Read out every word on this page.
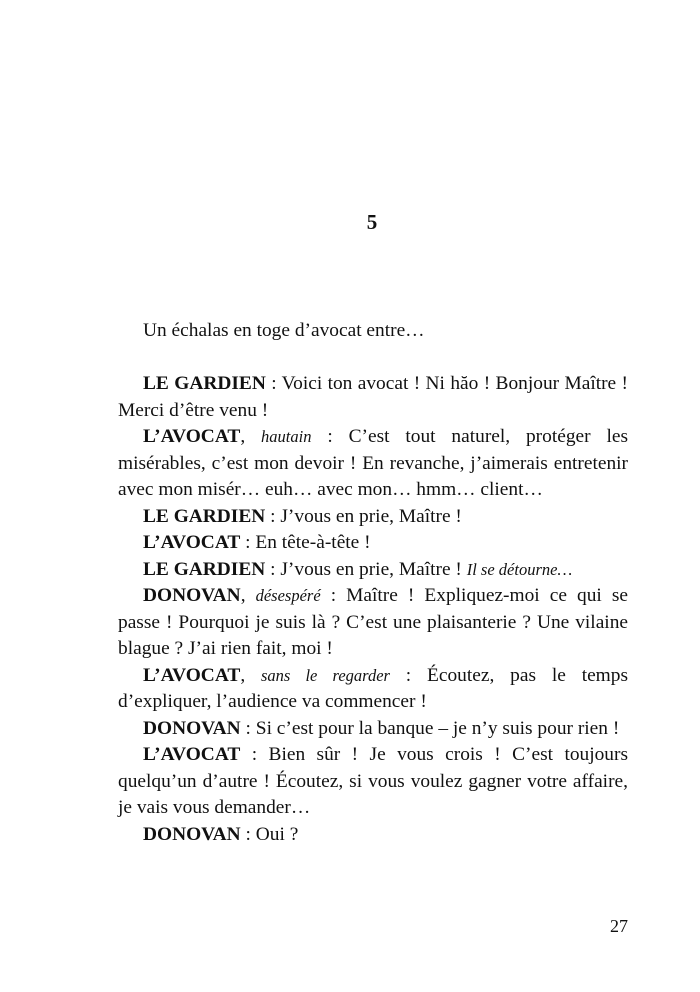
5

Un échalas en toge d’avocat entre…

LE GARDIEN : Voici ton avocat ! Ni hăo ! Bonjour Maître ! Merci d’être venu !

L’AVOCAT, hautain : C’est tout naturel, protéger les misérables, c’est mon devoir ! En revanche, j’aimerais entretenir avec mon misér… euh… avec mon… hmm… client…

LE GARDIEN : J’vous en prie, Maître !

L’AVOCAT : En tête-à-tête !

LE GARDIEN : J’vous en prie, Maître ! Il se détourne…

DONOVAN, désespéré : Maître ! Expliquez-moi ce qui se passe ! Pourquoi je suis là ? C’est une plaisanterie ? Une vilaine blague ? J’ai rien fait, moi !

L’AVOCAT, sans le regarder : Écoutez, pas le temps d’expliquer, l’audience va commencer !

DONOVAN : Si c’est pour la banque – je n’y suis pour rien !

L’AVOCAT : Bien sûr ! Je vous crois ! C’est toujours quelqu’un d’autre ! Écoutez, si vous voulez gagner votre affaire, je vais vous demander…

DONOVAN : Oui ?

27
